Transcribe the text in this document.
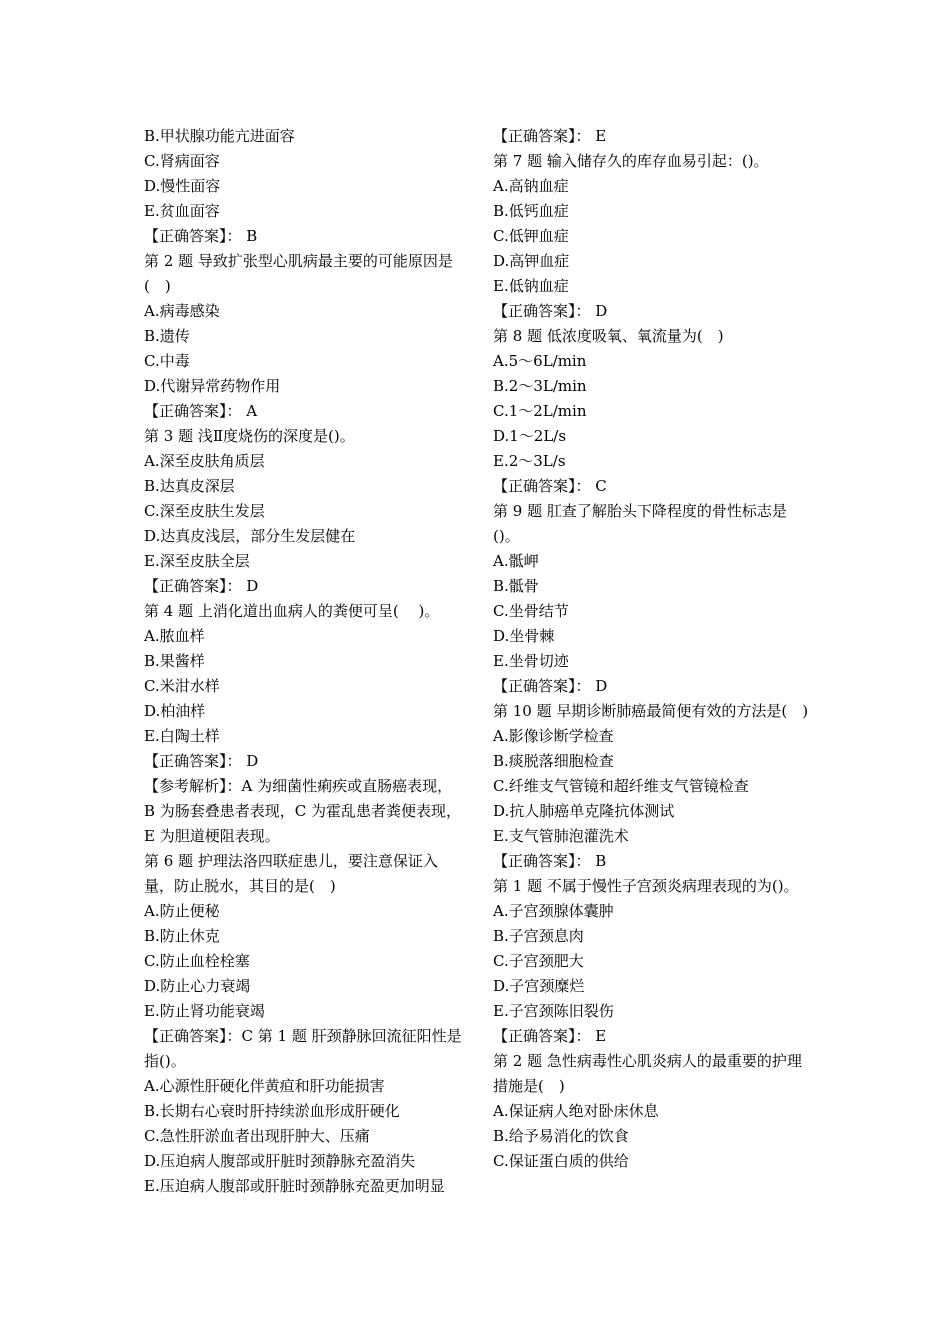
B.甲状腺功能亢进面容

C.肾病面容

D.慢性面容

E.贫血面容

【正确答案】： B

第 2 题 导致扩张型心肌病最主要的可能原因是(　)

A.病毒感染

B.遗传

C.中毒

D.代谢异常药物作用

【正确答案】： A

第 3 题 浅Ⅱ度烧伤的深度是()。

A.深至皮肤角质层

B.达真皮深层

C.深至皮肤生发层

D.达真皮浅层，部分生发层健在

E.深至皮肤全层

【正确答案】： D

第 4 题 上消化道出血病人的粪便可呈(　 )。

A.脓血样

B.果酱样

C.米泔水样

D.柏油样

E.白陶土样

【正确答案】： D

【参考解析】：A 为细菌性痢疾或直肠癌表现，B 为肠套叠患者表现，C 为霍乱患者粪便表现，E 为胆道梗阻表现。

第 6 题 护理法洛四联症患儿，要注意保证入量，防止脱水，其目的是(　)

A.防止便秘

B.防止休克

C.防止血栓栓塞

D.防止心力衰竭

E.防止肾功能衰竭

【正确答案】：C 第 1 题 肝颈静脉回流征阳性是指()。

A.心源性肝硬化伴黄疸和肝功能损害

B.长期右心衰时肝持续淤血形成肝硬化

C.急性肝淤血者出现肝肿大、压痛

D.压迫病人腹部或肝脏时颈静脉充盈消失

E.压迫病人腹部或肝脏时颈静脉充盈更加明显

【正确答案】： E

第 7 题 输入储存久的库存血易引起：()。

A.高钠血症

B.低钙血症

C.低钾血症

D.高钾血症

E.低钠血症

【正确答案】： D

第 8 题 低浓度吸氧、氧流量为(　)

A.5～6L/min

B.2～3L/min

C.1～2L/min

D.1～2L/s

E.2～3L/s

【正确答案】： C

第 9 题 肛查了解胎头下降程度的骨性标志是()。

A.骶岬

B.骶骨

C.坐骨结节

D.坐骨棘

E.坐骨切迹

【正确答案】： D

第 10 题 早期诊断肺癌最简便有效的方法是(　)

A.影像诊断学检查

B.痰脱落细胞检查

C.纤维支气管镜和超纤维支气管镜检查

D.抗人肺癌单克隆抗体测试

E.支气管肺泡灌洗术

【正确答案】： B

第 1 题 不属于慢性子宫颈炎病理表现的为()。

A.子宫颈腺体囊肿

B.子宫颈息肉

C.子宫颈肥大

D.子宫颈糜烂

E.子宫颈陈旧裂伤

【正确答案】： E

第 2 题 急性病毒性心肌炎病人的最重要的护理措施是(　)

A.保证病人绝对卧床休息

B.给予易消化的饮食

C.保证蛋白质的供给
